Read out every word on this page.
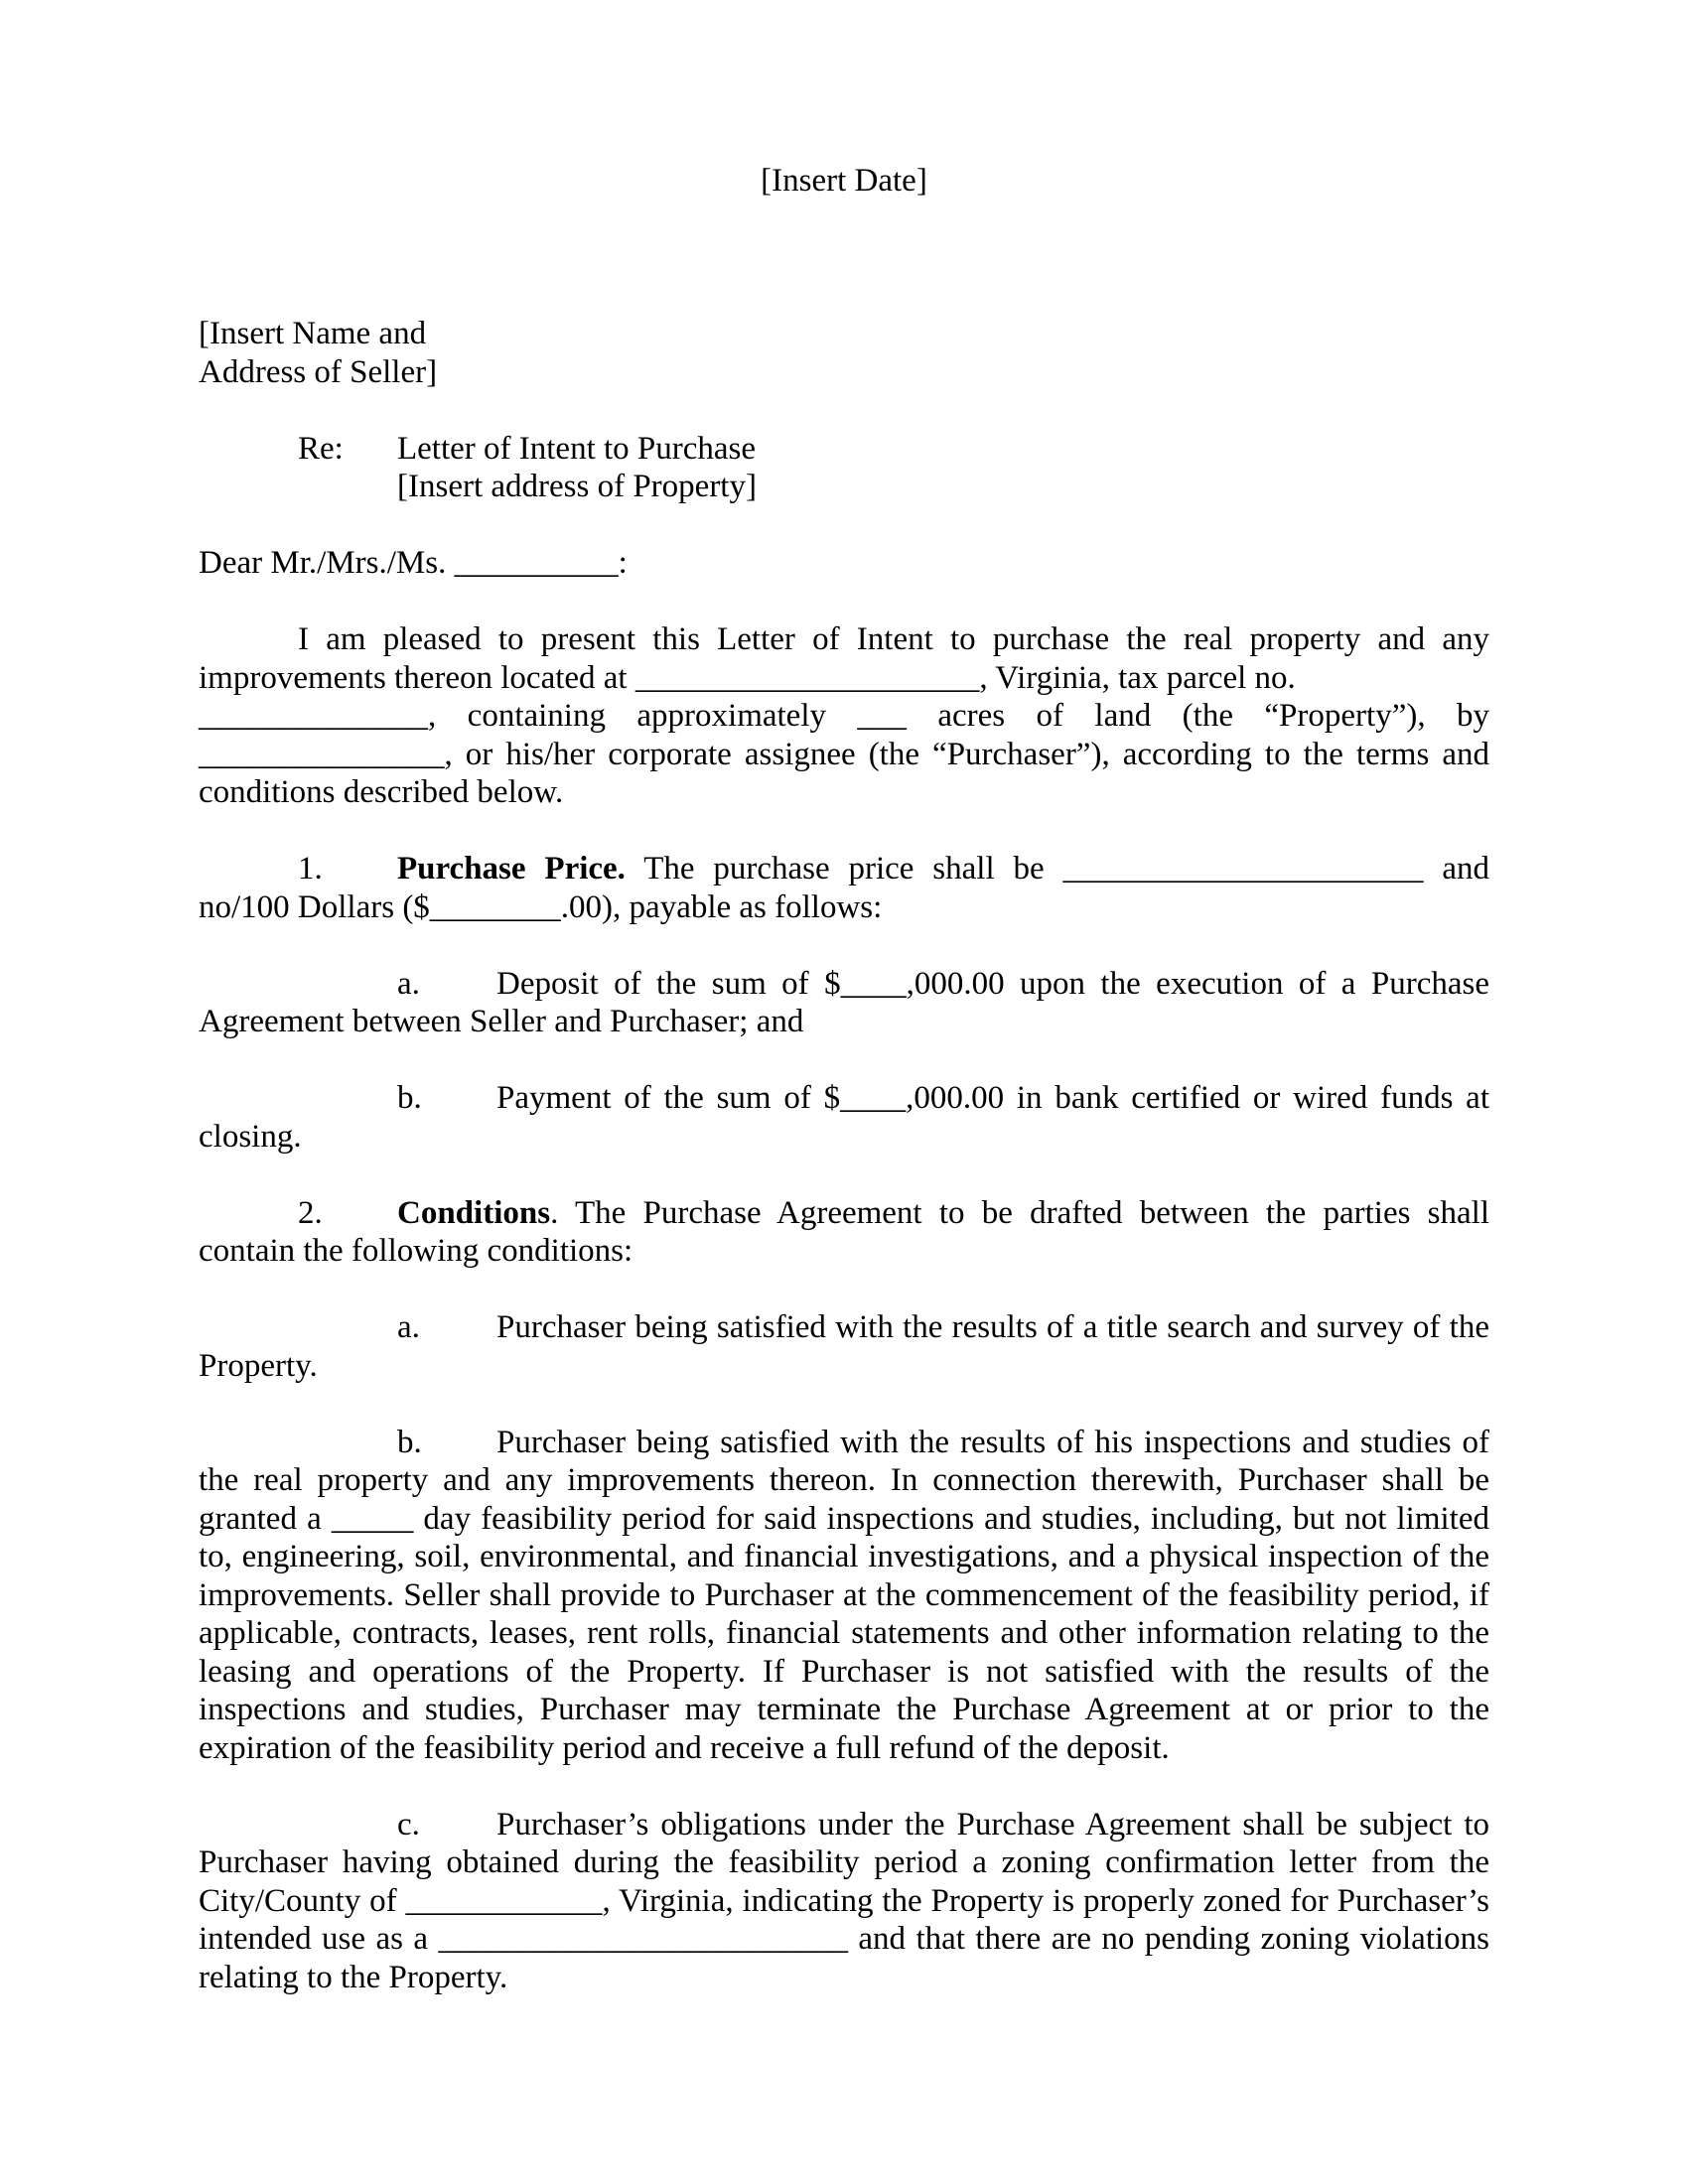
[Insert Date]
[Insert Name and
Address of Seller]
Re: Letter of Intent to Purchase
[Insert address of Property]
Dear Mr./Mrs./Ms. __________:

I am pleased to present this Letter of Intent to purchase the real property and any improvements thereon located at _____________________, Virginia, tax parcel no.
______________, containing approximately ___ acres of land (the “Property”), by _______________, or his/her corporate assignee (the “Purchaser”), according to the terms and conditions described below.

1. Purchase Price. The purchase price shall be ______________________ and no/100 Dollars ($________.00), payable as follows:

a. Deposit of the sum of $____,000.00 upon the execution of a Purchase Agreement between Seller and Purchaser; and

b. Payment of the sum of $____,000.00 in bank certified or wired funds at closing.

2. Conditions. The Purchase Agreement to be drafted between the parties shall contain the following conditions:

a. Purchaser being satisfied with the results of a title search and survey of the Property.

b. Purchaser being satisfied with the results of his inspections and studies of the real property and any improvements thereon. In connection therewith, Purchaser shall be granted a _____ day feasibility period for said inspections and studies, including, but not limited to, engineering, soil, environmental, and financial investigations, and a physical inspection of the improvements. Seller shall provide to Purchaser at the commencement of the feasibility period, if applicable, contracts, leases, rent rolls, financial statements and other information relating to the leasing and operations of the Property. If Purchaser is not satisfied with the results of the inspections and studies, Purchaser may terminate the Purchase Agreement at or prior to the expiration of the feasibility period and receive a full refund of the deposit.

c. Purchaser’s obligations under the Purchase Agreement shall be subject to Purchaser having obtained during the feasibility period a zoning confirmation letter from the City/County of ____________, Virginia, indicating the Property is properly zoned for Purchaser’s intended use as a _________________________ and that there are no pending zoning violations relating to the Property.
